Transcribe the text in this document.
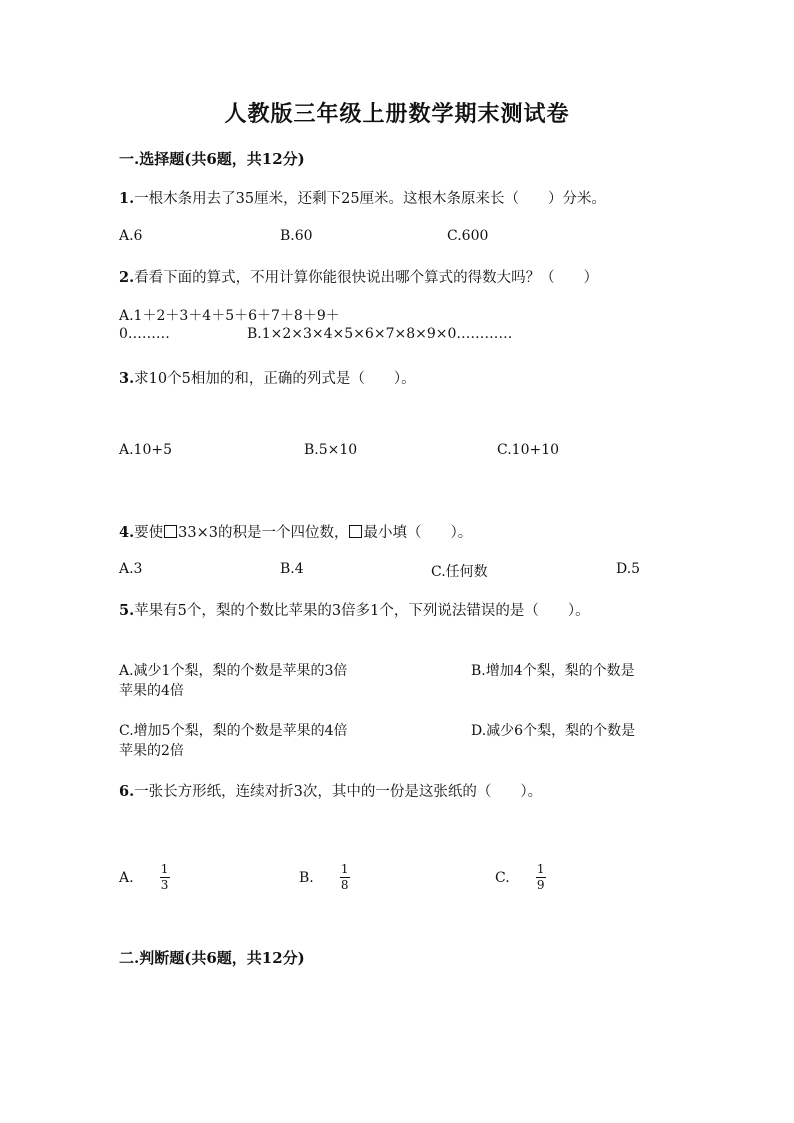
人教版三年级上册数学期末测试卷
一.选择题(共6题，共12分)
1.一根木条用去了35厘米，还剩下25厘米。这根木条原来长（　　）分米。
A.6	B.60	C.600
2.看看下面的算式，不用计算你能很快说出哪个算式的得数大吗？（　　）
A.1＋2＋3＋4＋5＋6＋7＋8＋9＋
0………	B.1×2×3×4×5×6×7×8×9×0…………
3.求10个5相加的和，正确的列式是（　　）。
A.10+5	B.5×10	C.10+10
4.要使 33×3的积是一个四位数， 最小填（　　）。
A.3	B.4	C.任何数	D.5
5.苹果有5个，梨的个数比苹果的3倍多1个，下列说法错误的是（　　）。
A.减少1个梨，梨的个数是苹果的3倍	B.增加4个梨，梨的个数是
苹果的4倍
C.增加5个梨，梨的个数是苹果的4倍	D.减少6个梨，梨的个数是
苹果的2倍
6.一张长方形纸，连续对折3次，其中的一份是这张纸的（　　）。
A. $\frac{1}{3}$	B. $\frac{1}{8}$	C. $\frac{1}{9}$
二.判断题(共6题，共12分)
